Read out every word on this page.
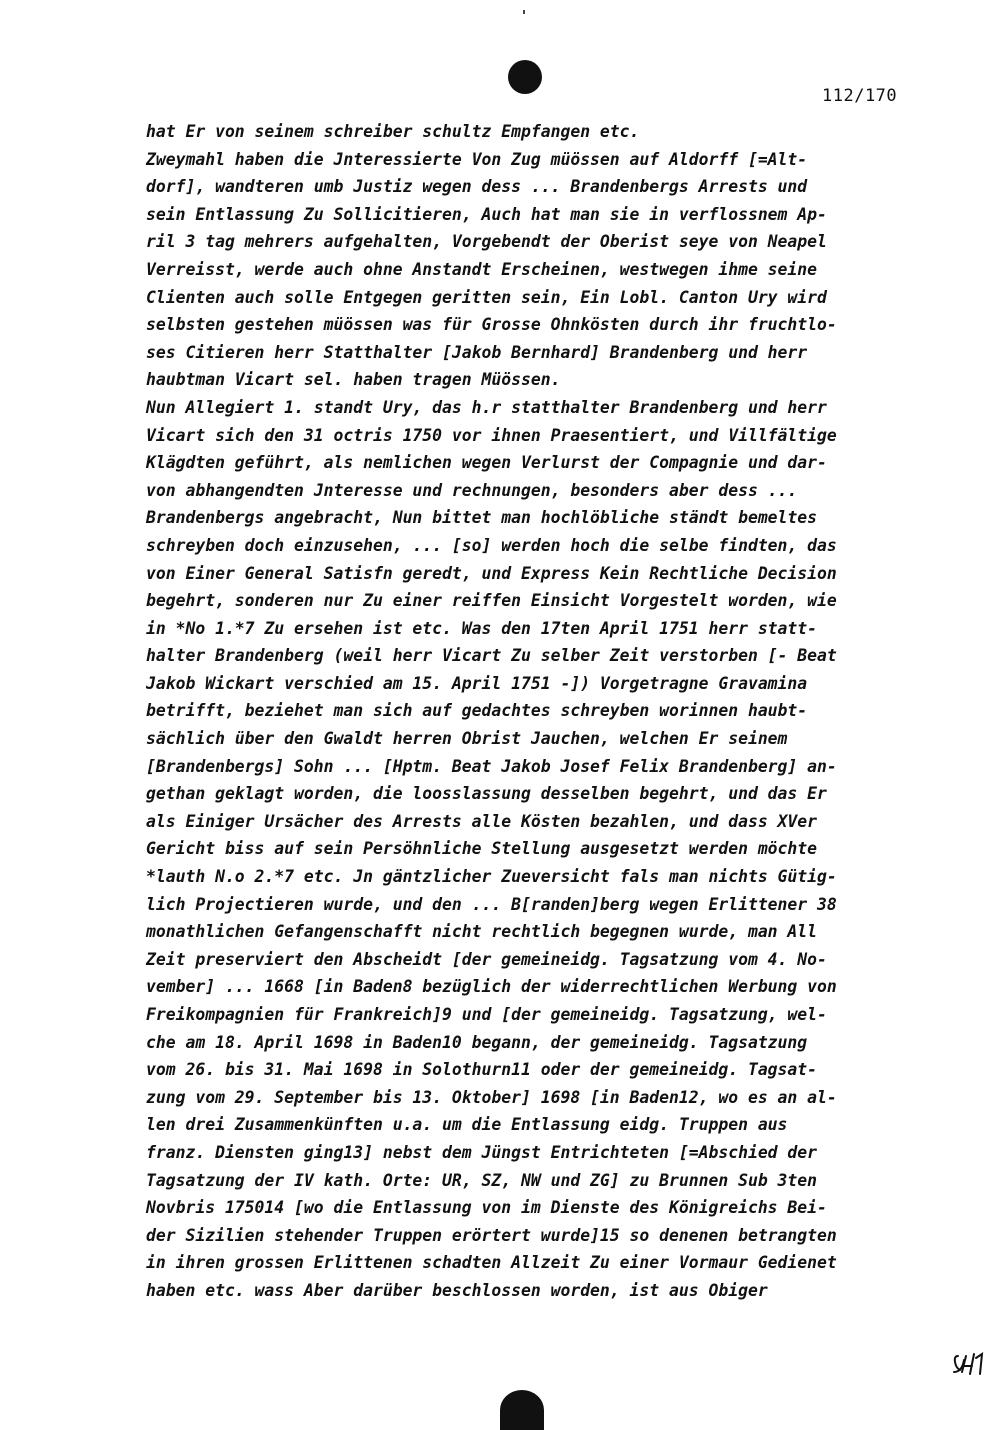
112/170
hat Er von seinem schreiber schultz Empfangen etc.
Zweymahl haben die Jnteressierte Von Zug müössen auf Aldorff [=Alt-
dorf], wandteren umb Justiz wegen dess ... Brandenbergs Arrests und
sein Entlassung Zu Sollicitieren, Auch hat man sie in verflossnem Ap-
ril 3 tag mehrers aufgehalten, Vorgebendt der Oberist seye von Neapel
Verreisst, werde auch ohne Anstandt Erscheinen, westwegen ihme seine
Clienten auch solle Entgegen geritten sein, Ein Lobl. Canton Ury wird
selbsten gestehen müössen was für Grosse Ohnkösten durch ihr fruchtlo-
ses Citieren herr Statthalter [Jakob Bernhard] Brandenberg und herr
haubtman Vicart sel. haben tragen Müössen.
Nun Allegiert 1. standt Ury, das h.r statthalter Brandenberg und herr
Vicart sich den 31 octris 1750 vor ihnen Praesentiert, und Villfältige
Klägdten geführt, als nemlichen wegen Verlurst der Compagnie und dar-
von abhangendten Jnteresse und rechnungen, besonders aber dess ...
Brandenbergs angebracht, Nun bittet man hochlöbliche ständt bemeltes
schreyben doch einzusehen, ... [so] werden hoch die selbe findten, das
von Einer General Satisfn geredt, und Express Kein Rechtliche Decision
begehrt, sonderen nur Zu einer reiffen Einsicht Vorgestelt worden, wie
in *No 1.*7 Zu ersehen ist etc. Was den 17ten April 1751 herr statt-
halter Brandenberg (weil herr Vicart Zu selber Zeit verstorben [- Beat
Jakob Wickart verschied am 15. April 1751 -]) Vorgetragne Gravamina
betrifft, beziehet man sich auf gedachtes schreyben worinnen haubt-
sächlich über den Gwaldt herren Obrist Jauchen, welchen Er seinem
[Brandenbergs] Sohn ... [Hptm. Beat Jakob Josef Felix Brandenberg] an-
gethan geklagt worden, die loosslassung desselben begehrt, und das Er
als Einiger Ursächer des Arrests alle Kösten bezahlen, und dass XVer
Gericht biss auf sein Persöhnliche Stellung ausgesetzt werden möchte
*lauth N.o 2.*7 etc. Jn gäntzlicher Zueversicht fals man nichts Gütig-
lich Projectieren wurde, und den ... B[randen]berg wegen Erlittener 38
monathlichen Gefangenschafft nicht rechtlich begegnen wurde, man All
Zeit preserviert den Abscheidt [der gemeineidg. Tagsatzung vom 4. No-
vember] ... 1668 [in Baden8 bezüglich der widerrechtlichen Werbung von
Freikompagnien für Frankreich]9 und [der gemeineidg. Tagsatzung, wel-
che am 18. April 1698 in Baden10 begann, der gemeineidg. Tagsatzung
vom 26. bis 31. Mai 1698 in Solothurn11 oder der gemeineidg. Tagsat-
zung vom 29. September bis 13. Oktober] 1698 [in Baden12, wo es an al-
len drei Zusammenkünften u.a. um die Entlassung eidg. Truppen aus
franz. Diensten ging13] nebst dem Jüngst Entrichteten [=Abschied der
Tagsatzung der IV kath. Orte: UR, SZ, NW und ZG] zu Brunnen Sub 3ten
Novbris 175014 [wo die Entlassung von im Dienste des Königreichs Bei-
der Sizilien stehender Truppen erörtert wurde]15 so denenen betrangten
in ihren grossen Erlittenen schadten Allzeit Zu einer Vormaur Gedienet
haben etc. wass Aber darüber beschlossen worden, ist aus Obiger
